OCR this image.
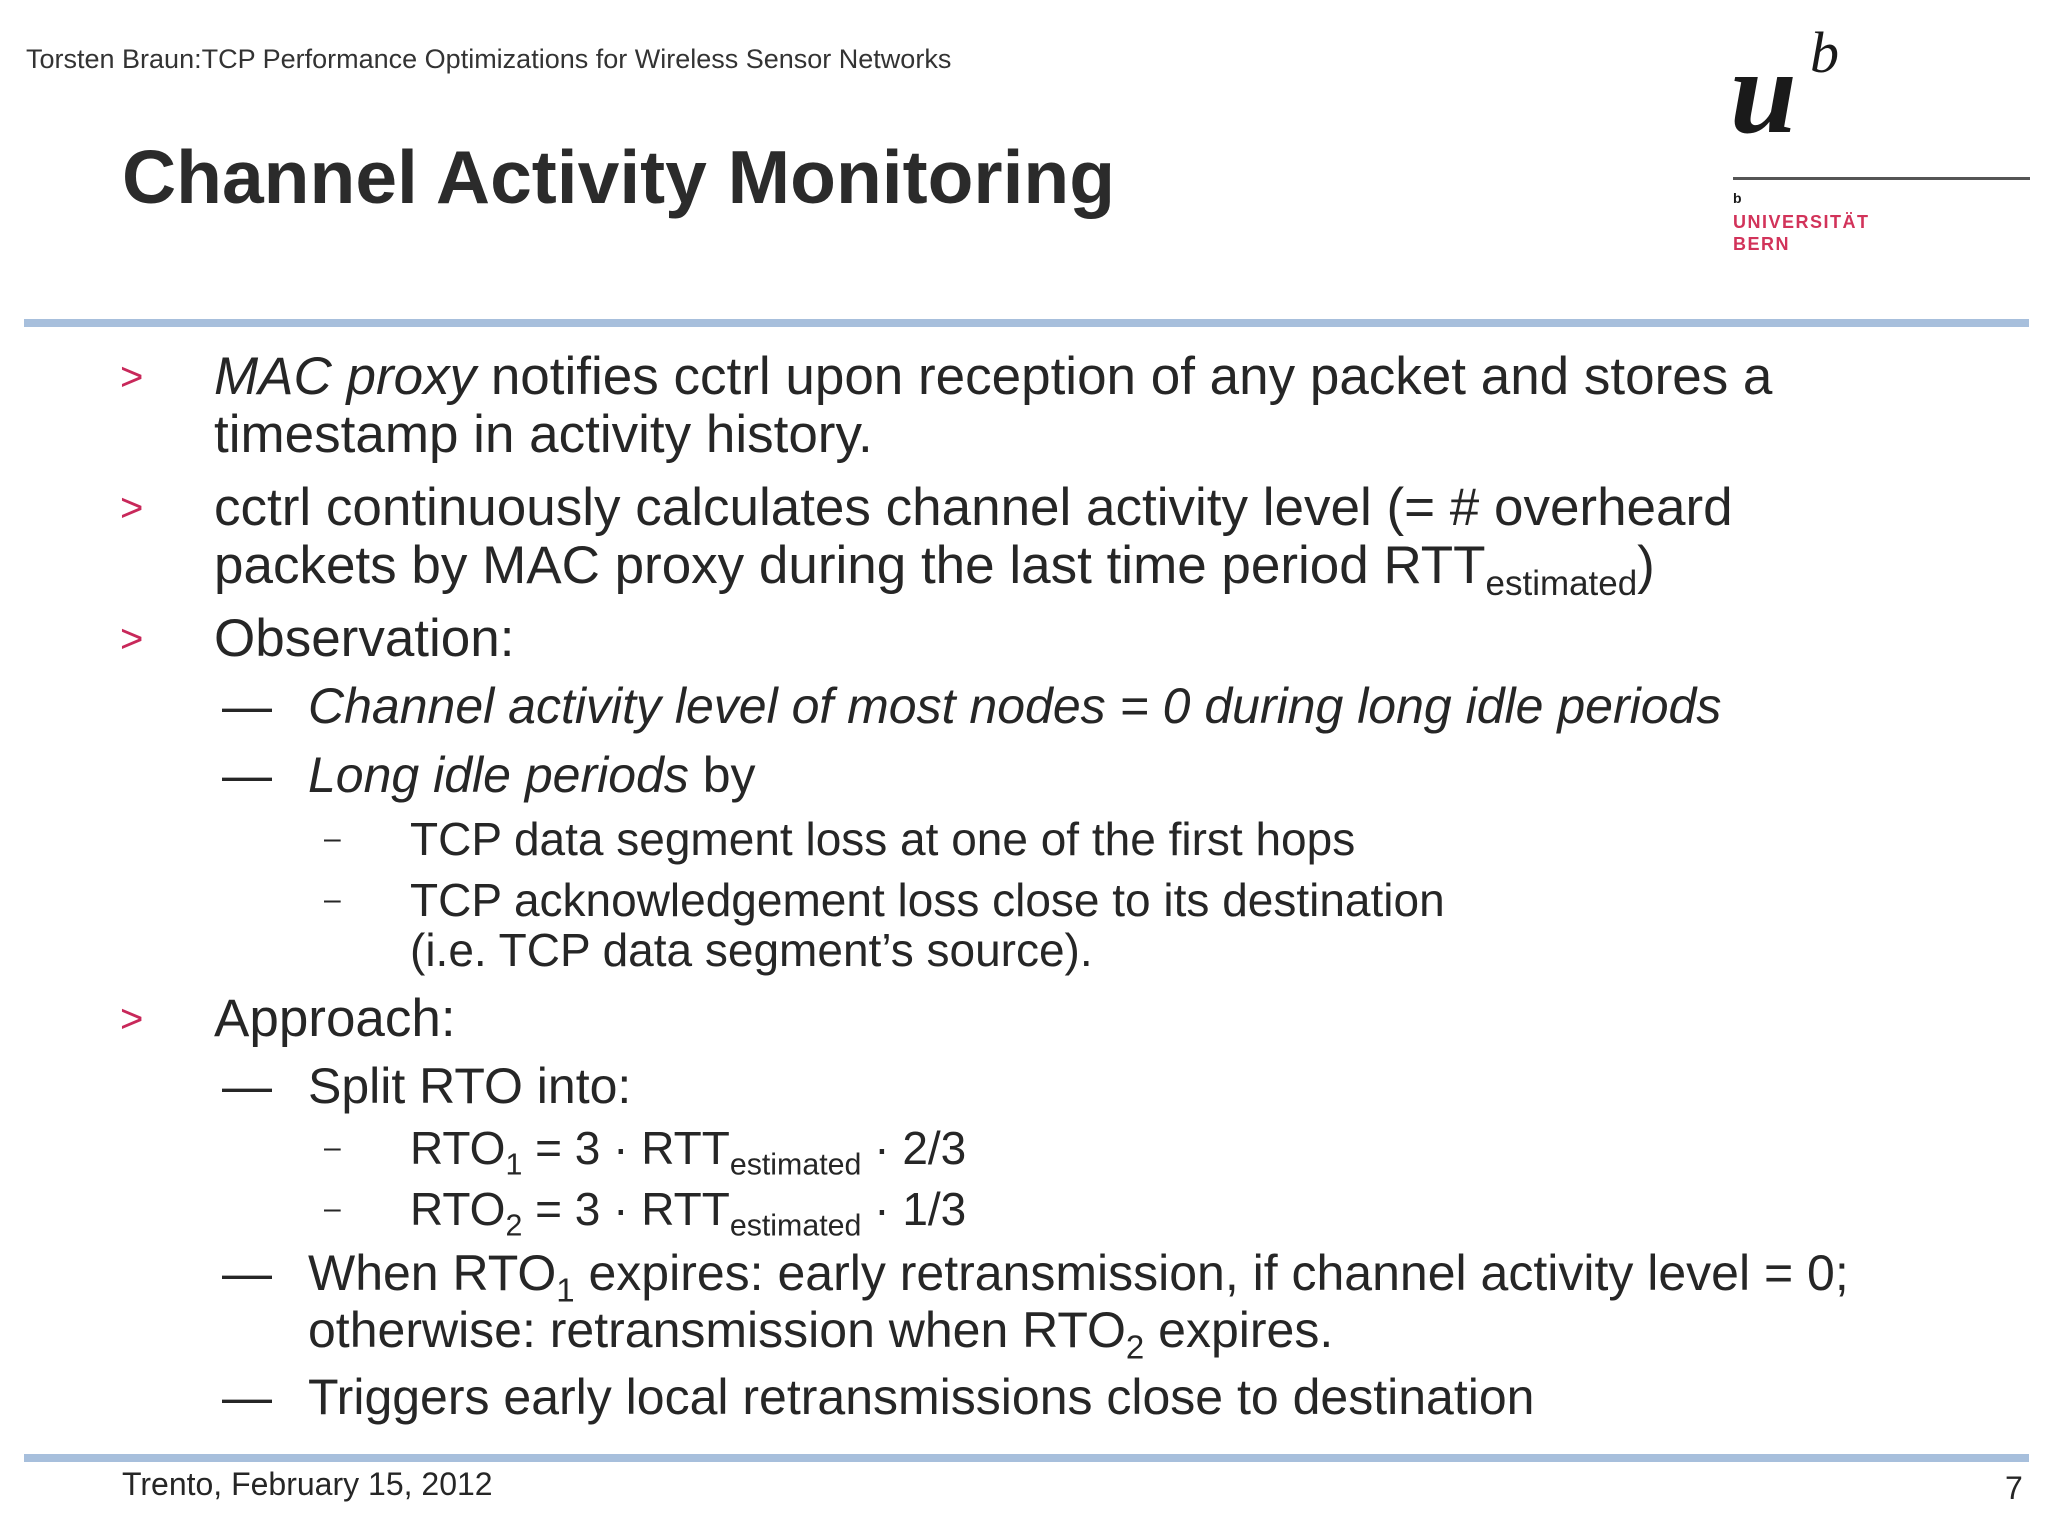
Torsten Braun:TCP Performance Optimizations for Wireless Sensor Networks
Channel Activity Monitoring
u b
b
UNIVERSITÄT
BERN
> MAC proxy notifies cctrl upon reception of any packet and stores a timestamp in activity history.
> cctrl continuously calculates channel activity level (= # overheard packets by MAC proxy during the last time period $RTT_{estimated}$)
> Observation:
— Channel activity level of most nodes = 0 during long idle periods
— Long idle periods by
– TCP data segment loss at one of the first hops
– TCP acknowledgement loss close to its destination
(i.e. TCP data segment’s source).
> Approach:
— Split RTO into:
– $RTO_1 = 3 \cdot RTT_{estimated} \cdot 2/3$
– $RTO_2 = 3 \cdot RTT_{estimated} \cdot 1/3$
— When $RTO_1$ expires: early retransmission, if channel activity level = 0; otherwise: retransmission when $RTO_2$ expires.
— Triggers early local retransmissions close to destination
Trento, February 15, 2012	7
